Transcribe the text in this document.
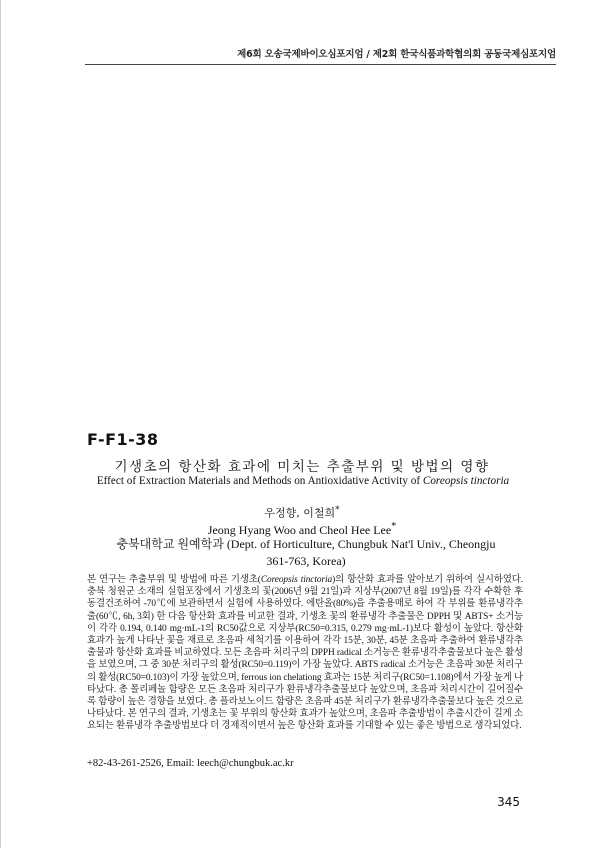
제6회 오송국제바이오심포지엄 / 제2회 한국식품과학협의회 공동국제심포지엄
F-F1-38
기생초의 항산화 효과에 미치는 추출부위 및 방법의 영향
Effect of Extraction Materials and Methods on Antioxidative Activity of Coreopsis tinctoria
우정향, 이철희*
Jeong Hyang Woo and Cheol Hee Lee*
충북대학교 원예학과 (Dept. of Horticulture, Chungbuk Nat'l Univ., Cheongju
361-763, Korea)

본 연구는 추출부위 및 방법에 따른 기생초(Coreopsis tinctoria)의 항산화 효과를 알아보기 위하여 실시하였다. 충북 청원군 소재의 실험포장에서 기생초의 꽃(2006년 9월 21일)과 지상부(2007년 8월 19일)를 각각 수확한 후 동결건조하여 -70℃에 보관하면서 실험에 사용하였다. 에탄올(80%)을 추출용매로 하여 각 부위를 환류냉각추출(60℃, 6h, 3회) 한 다음 항산화 효과를 비교한 결과, 기생초 꽃의 환류냉각 추출물은 DPPH 및 ABTS+ 소거능이 각각 0.194, 0.140 mg·mL-1의 RC50값으로 지상부(RC50=0.315, 0.279 mg·mL-1)보다 활성이 높았다. 항산화 효과가 높게 나타난 꽃을 재료로 초음파 세척기를 이용하여 각각 15분, 30분, 45분 초음파 추출하여 환류냉각추출물과 항산화 효과를 비교하였다. 모든 초음파 처리구의 DPPH radical 소거능은 환류냉각추출물보다 높은 활성을 보였으며, 그 중 30분 처리구의 활성(RC50=0.119)이 가장 높았다. ABTS radical 소거능은 초음파 30분 처리구의 활성(RC50=0.103)이 가장 높았으며, ferrous ion chelationg 효과는 15분 처리구(RC50=1.108)에서 가장 높게 나타났다. 총 폴리페놀 함량은 모든 초음파 처리구가 환류냉각추출물보다 높았으며, 초음파 처리시간이 길어질수록 함량이 높은 경향을 보였다. 총 플라보노이드 함량은 초음파 45분 처리구가 환류냉각추출물보다 높은 것으로 나타났다. 본 연구의 결과, 기생초는 꽃 부위의 항산화 효과가 높았으며, 초음파 추출방법이 추출시간이 길게 소요되는 환류냉각 추출방법보다 더 경제적이면서 높은 항산화 효과를 기대할 수 있는 좋은 방법으로 생각되었다.

+82-43-261-2526, Email: leech@chungbuk.ac.kr
345
